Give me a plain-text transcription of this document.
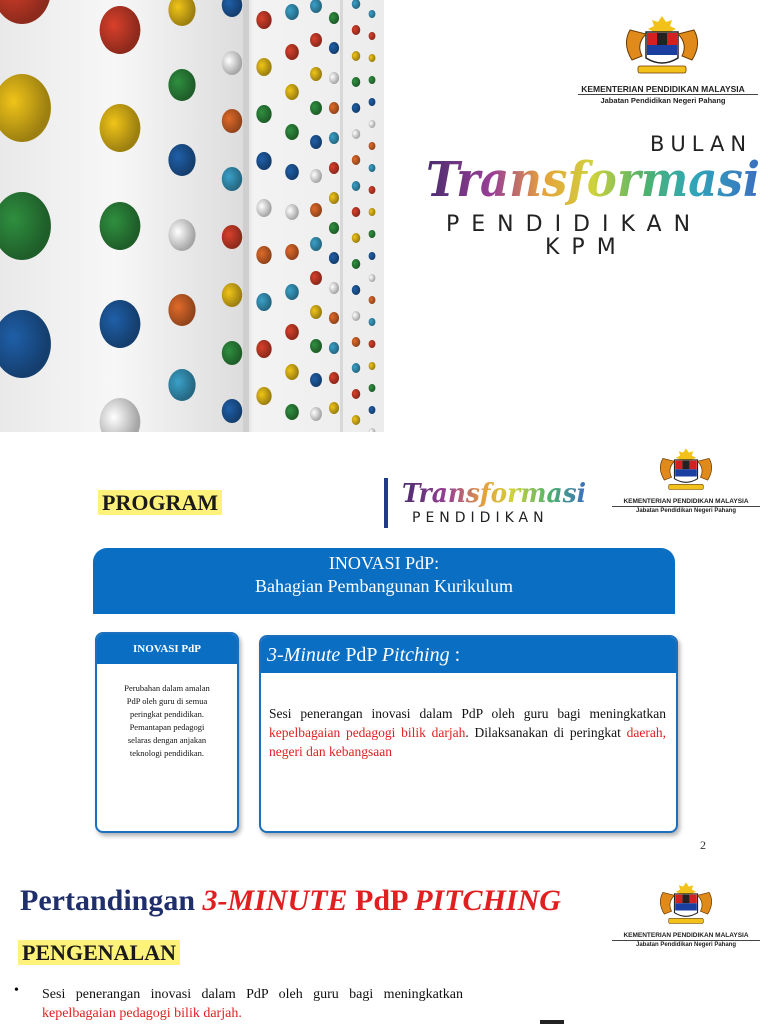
KEMENTERIAN PENDIDIKAN MALAYSIA
Jabatan Pendidikan Negeri Pahang
BULAN
Transformasi
PENDIDIKAN
KPM
PROGRAM	Transformasi
PENDIDIKAN
KEMENTERIAN PENDIDIKAN MALAYSIA
Jabatan Pendidikan Negeri Pahang
INOVASI PdP:
Bahagian Pembangunan Kurikulum
INOVASI PdP
Perubahan dalam amalan PdP oleh guru di semua peringkat pendidikan. Pemantapan pedagogi selaras dengan anjakan teknologi pendidikan.
3-Minute PdP Pitching :
Sesi penerangan inovasi dalam PdP oleh guru bagi meningkatkan kepelbagaian pedagogi bilik darjah. Dilaksanakan di peringkat daerah, negeri dan kebangsaan
2
Pertandingan 3-MINUTE PdP PITCHING
KEMENTERIAN PENDIDIKAN MALAYSIA
Jabatan Pendidikan Negeri Pahang
PENGENALAN
• Sesi penerangan inovasi dalam PdP oleh guru bagi meningkatkan kepelbagaian pedagogi bilik darjah.
